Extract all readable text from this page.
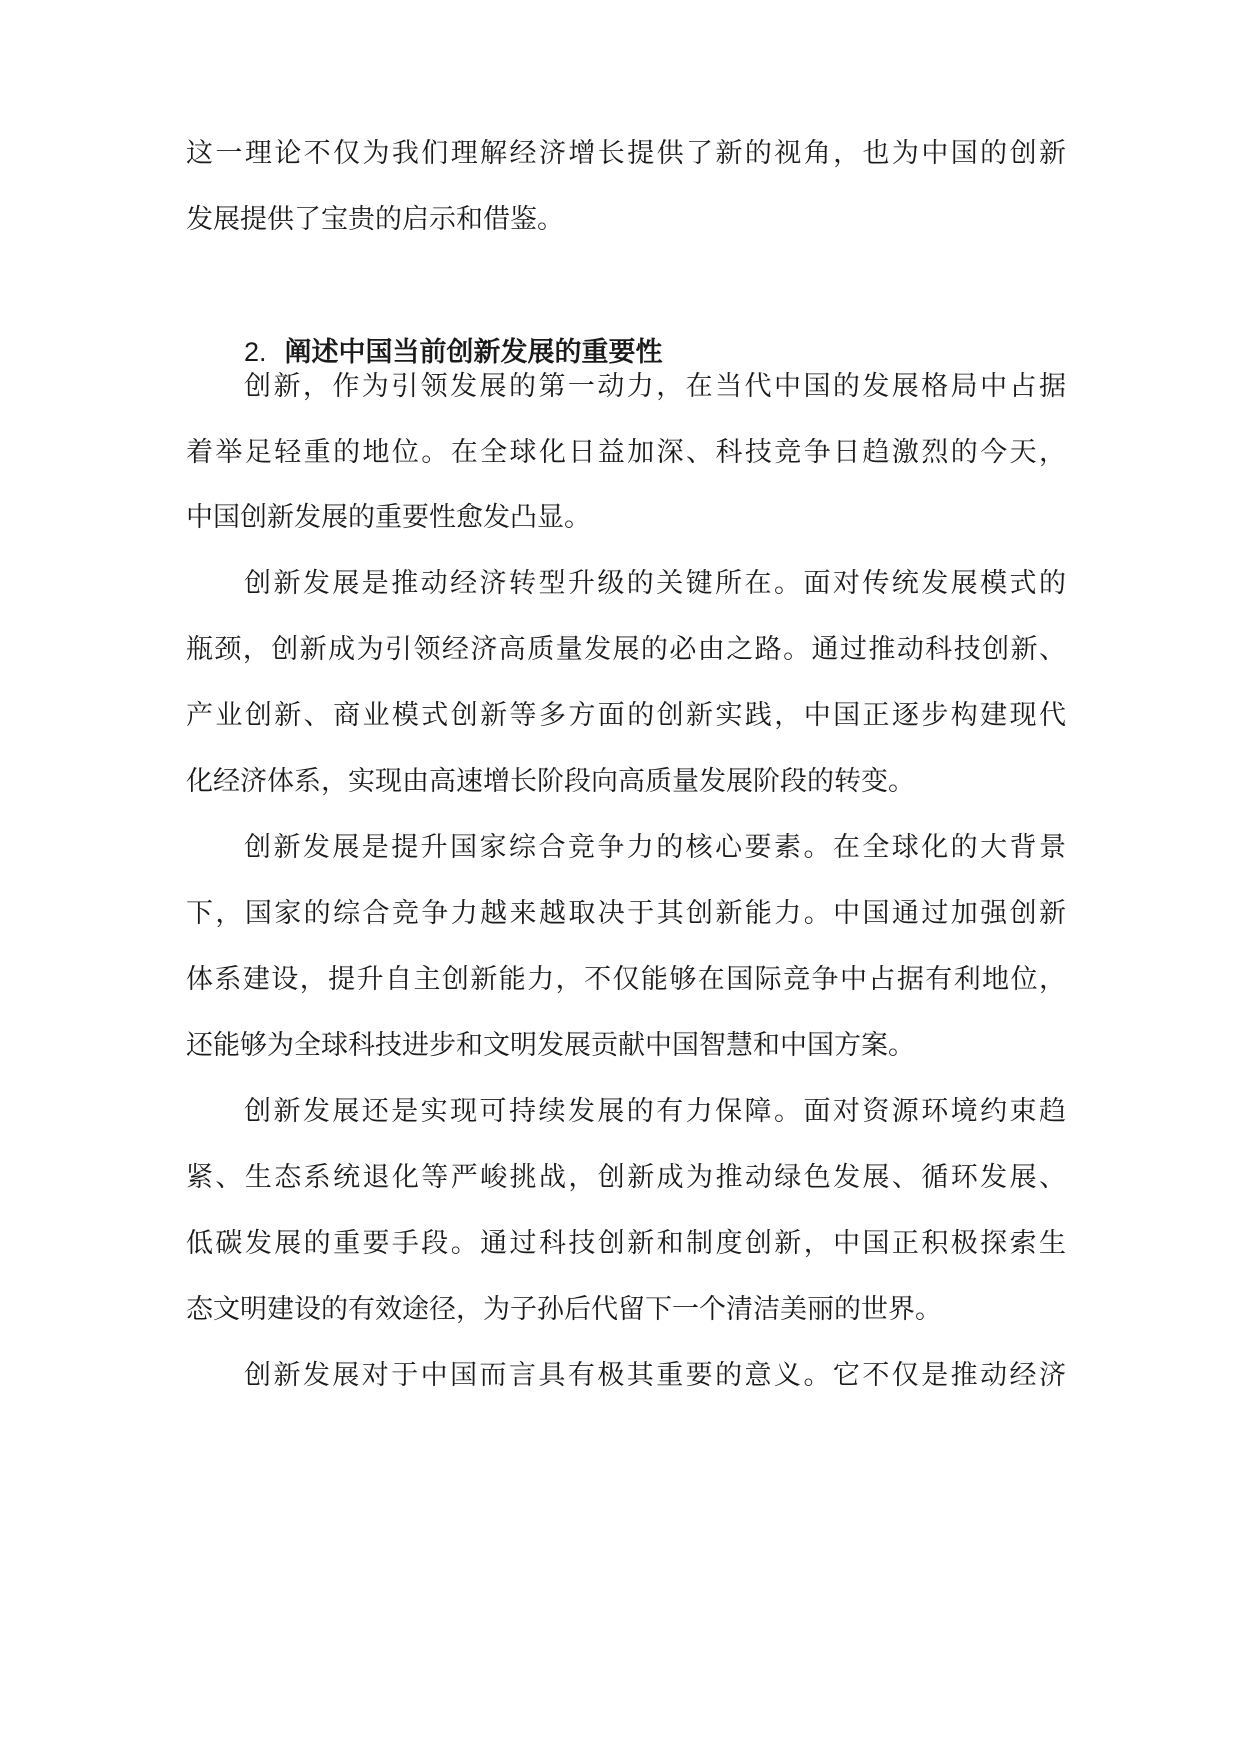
这一理论不仅为我们理解经济增长提供了新的视角，也为中国的创新
发展提供了宝贵的启示和借鉴。
2. 阐述中国当前创新发展的重要性
创新，作为引领发展的第一动力，在当代中国的发展格局中占据
着举足轻重的地位。在全球化日益加深、科技竞争日趋激烈的今天，
中国创新发展的重要性愈发凸显。
创新发展是推动经济转型升级的关键所在。面对传统发展模式的
瓶颈，创新成为引领经济高质量发展的必由之路。通过推动科技创新、
产业创新、商业模式创新等多方面的创新实践，中国正逐步构建现代
化经济体系，实现由高速增长阶段向高质量发展阶段的转变。
创新发展是提升国家综合竞争力的核心要素。在全球化的大背景
下，国家的综合竞争力越来越取决于其创新能力。中国通过加强创新
体系建设，提升自主创新能力，不仅能够在国际竞争中占据有利地位，
还能够为全球科技进步和文明发展贡献中国智慧和中国方案。
创新发展还是实现可持续发展的有力保障。面对资源环境约束趋
紧、生态系统退化等严峻挑战，创新成为推动绿色发展、循环发展、
低碳发展的重要手段。通过科技创新和制度创新，中国正积极探索生
态文明建设的有效途径，为子孙后代留下一个清洁美丽的世界。
创新发展对于中国而言具有极其重要的意义。它不仅是推动经济
